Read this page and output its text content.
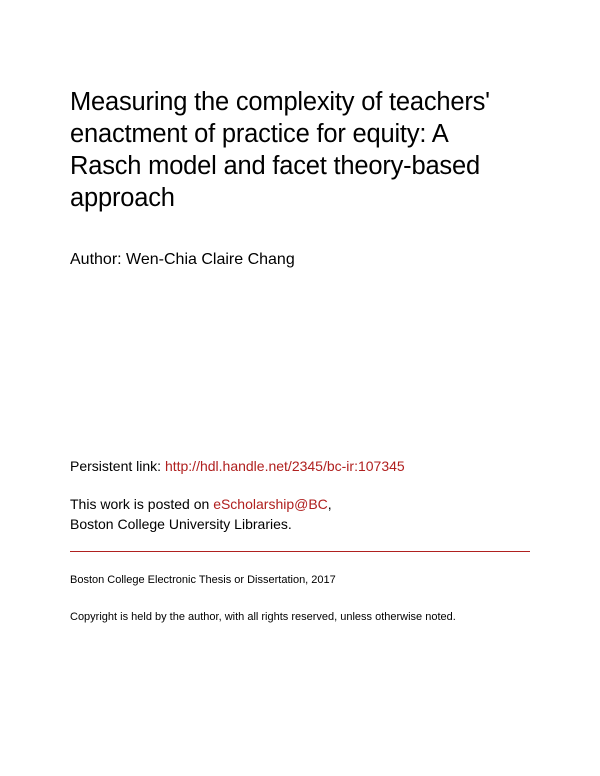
Measuring the complexity of teachers'
enactment of practice for equity: A
Rasch model and facet theory-based
approach
Author: Wen-Chia Claire Chang
Persistent link: http://hdl.handle.net/2345/bc-ir:107345
This work is posted on eScholarship@BC,
Boston College University Libraries.
Boston College Electronic Thesis or Dissertation, 2017
Copyright is held by the author, with all rights reserved, unless otherwise noted.
